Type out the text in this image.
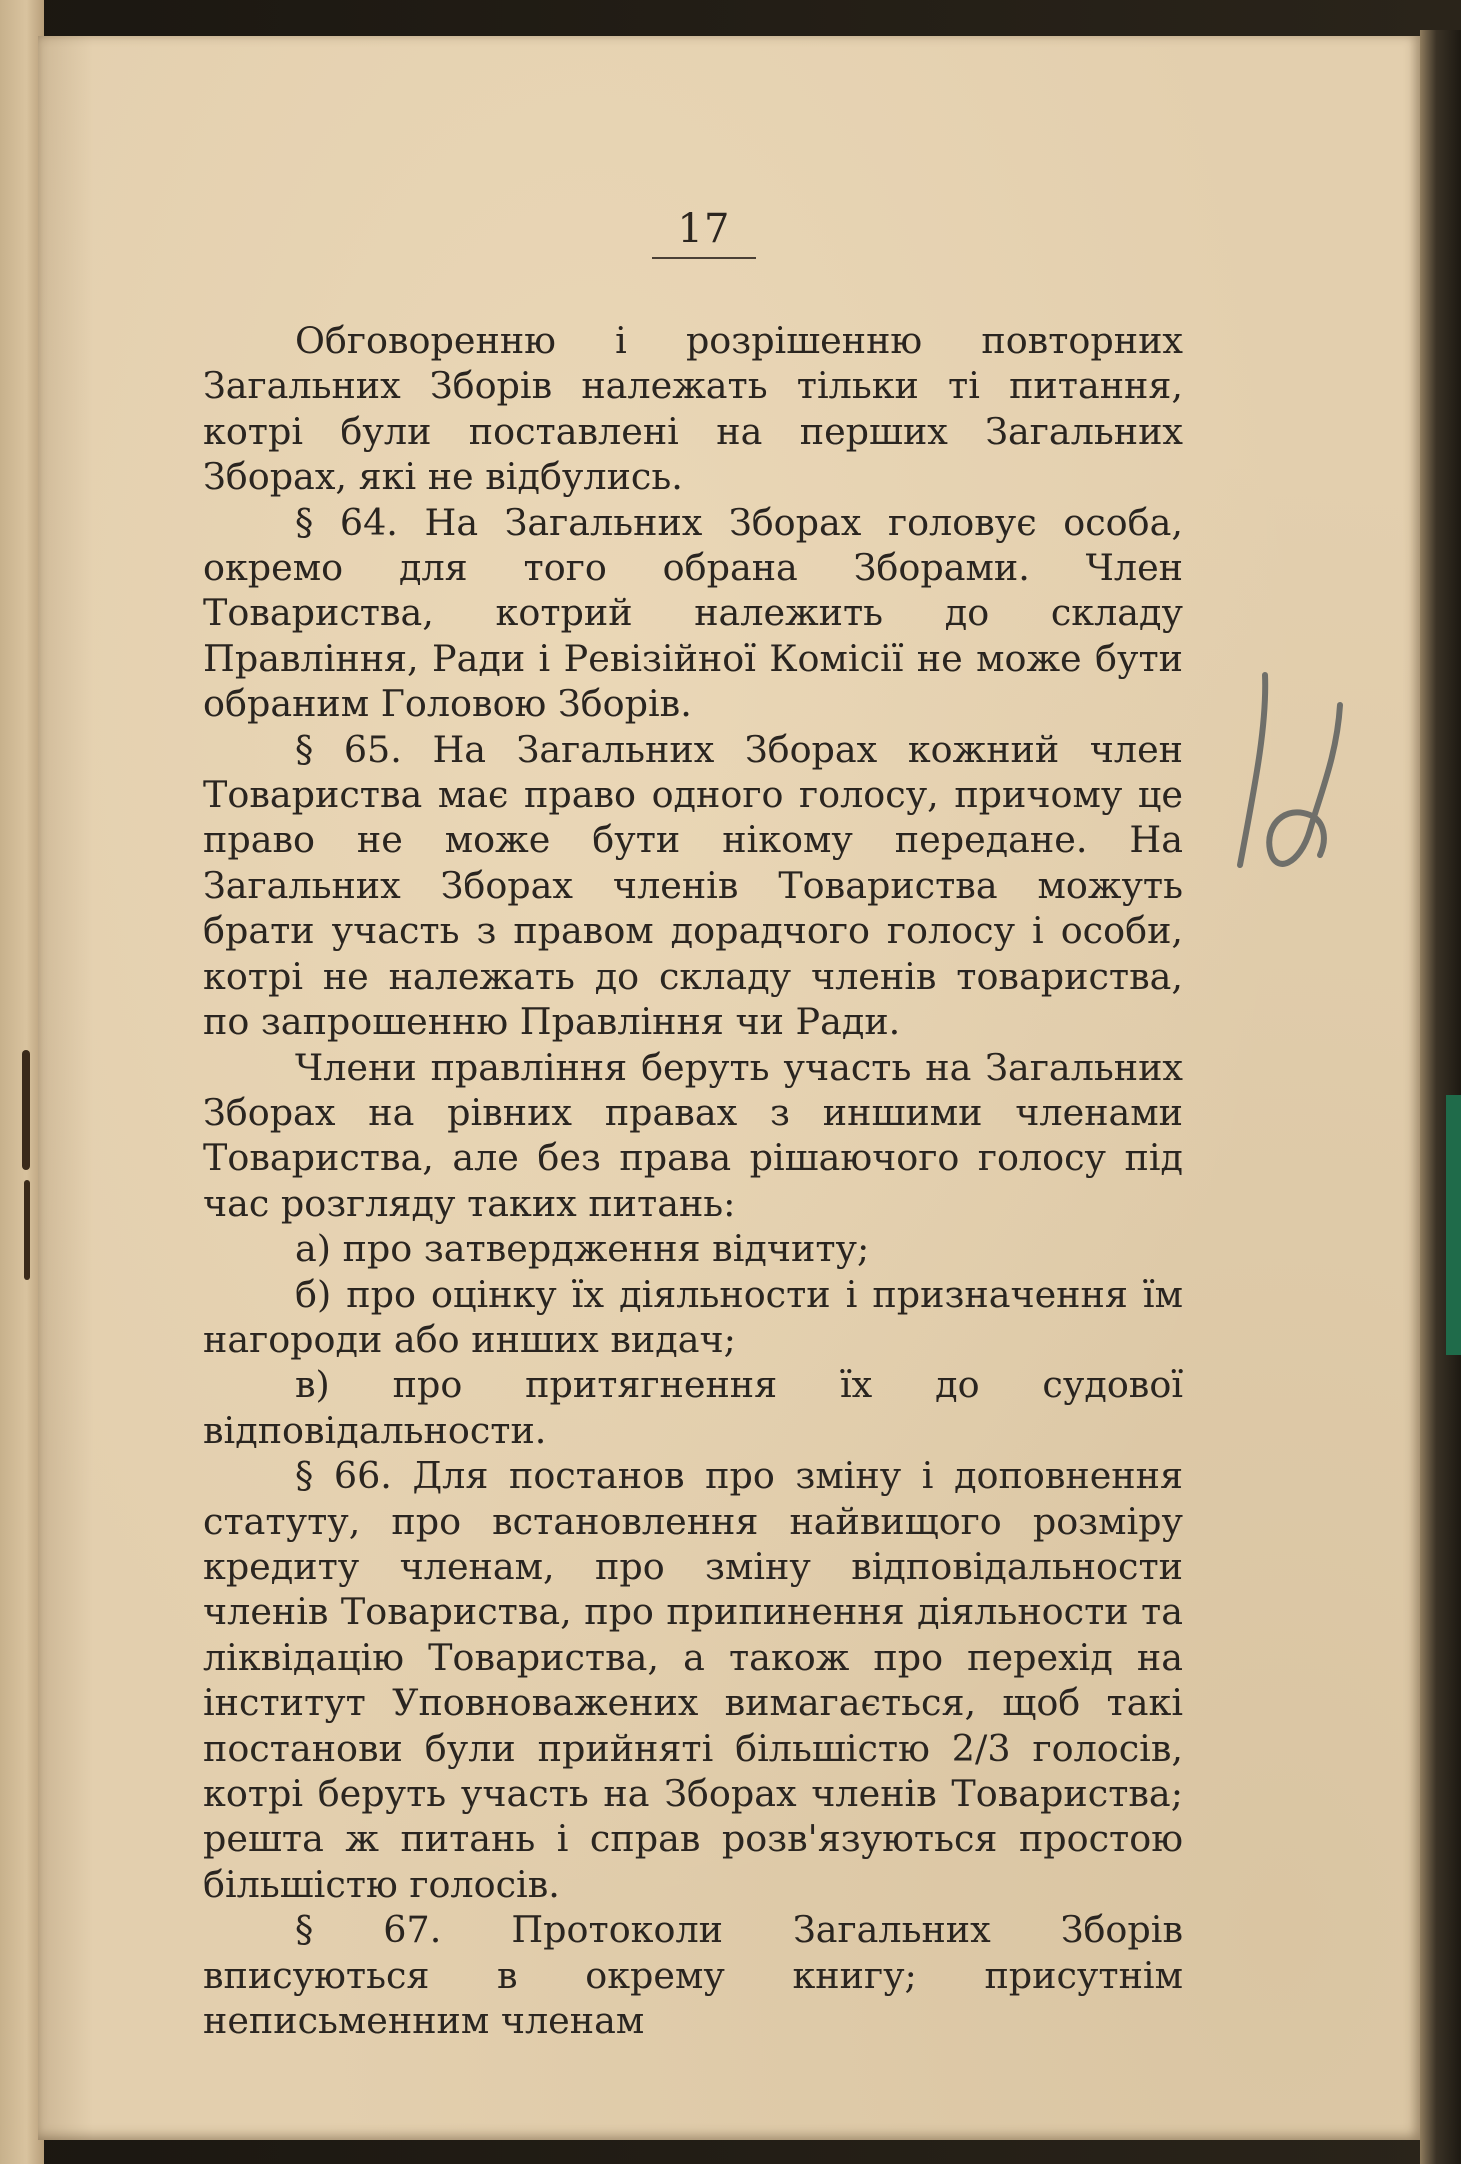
17

Обговоренню і розрішенню повторних Загальних Зборів належать тільки ті питання, котрі були поставлені на перших Загальних Зборах, які не відбулись.

§ 64. На Загальних Зборах головує особа, окремо для того обрана Зборами. Член Товариства, котрий належить до складу Правління, Ради і Ревізійної Комісії не може бути обраним Головою Зборів.

§ 65. На Загальних Зборах кожний член Товариства має право одного голосу, причому це право не може бути нікому передане. На Загальних Зборах членів Товариства можуть брати участь з правом дорадчого голосу і особи, котрі не належать до складу членів товариства, по запрошенню Правління чи Ради.

Члени правління беруть участь на Загальних Зборах на рівних правах з иншими членами Товариства, але без права рішаючого голосу під час розгляду таких питань:

а) про затвердження відчиту;

б) про оцінку їх діяльности і призначення їм нагороди або инших видач;

в) про притягнення їх до судової відповідальности.

§ 66. Для постанов про зміну і доповнення статуту, про встановлення найвищого розміру кредиту членам, про зміну відповідальности членів Товариства, про припинення діяльности та ліквідацію Товариства, а також про перехід на інститут Уповноважених вимагається, щоб такі постанови були прийняті більшістю 2/3 голосів, котрі беруть участь на Зборах членів Товариства; решта ж питань і справ розв'язуються простою більшістю голосів.

§ 67. Протоколи Загальних Зборів вписуються в окрему книгу; присутнім неписьменним членам

16
